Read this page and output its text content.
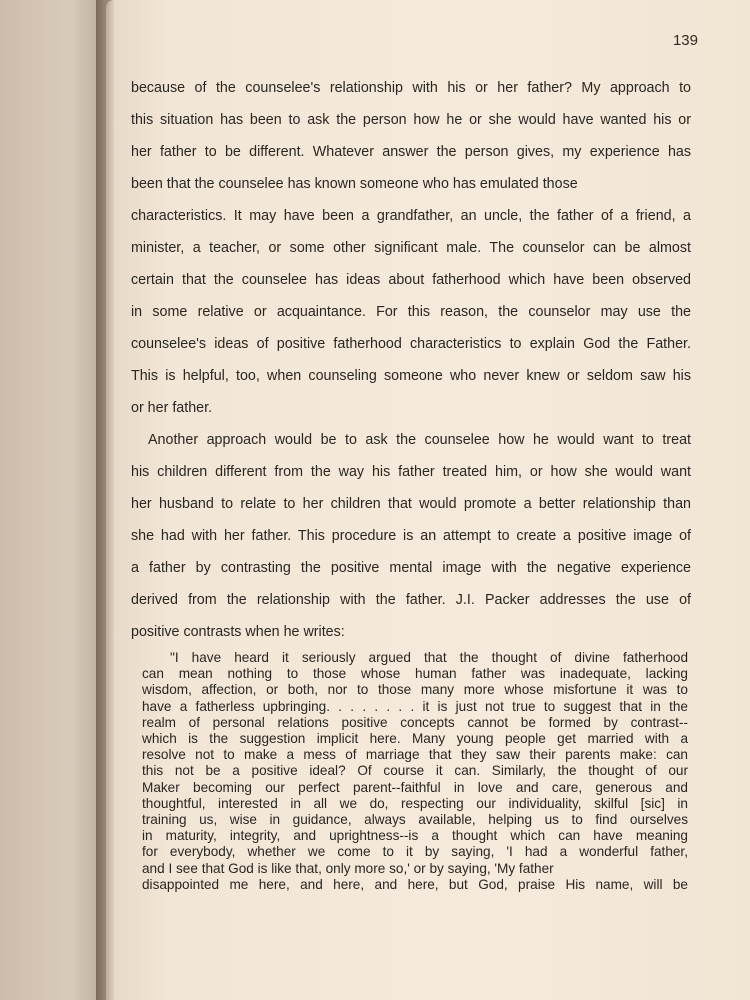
139
because of the counselee's relationship with his or her father? My approach to
this situation has been to ask the person how he or she would have wanted his or
her father to be different. Whatever answer the person gives, my experience has
been that the counselee has known someone who has emulated those
characteristics. It may have been a grandfather, an uncle, the father of a friend, a
minister, a teacher, or some other significant male. The counselor can be almost
certain that the counselee has ideas about fatherhood which have been observed
in some relative or acquaintance. For this reason, the counselor may use the
counselee's ideas of positive fatherhood characteristics to explain God the Father.
This is helpful, too, when counseling someone who never knew or seldom saw his
or her father.
Another approach would be to ask the counselee how he would want to treat
his children different from the way his father treated him, or how she would want
her husband to relate to her children that would promote a better relationship than
she had with her father. This procedure is an attempt to create a positive image of
a father by contrasting the positive mental image with the negative experience
derived from the relationship with the father. J.I. Packer addresses the use of
positive contrasts when he writes:
"I have heard it seriously argued that the thought of divine fatherhood
can mean nothing to those whose human father was inadequate, lacking
wisdom, affection, or both, nor to those many more whose misfortune it was to
have a fatherless upbringing. . . . . . . . it is just not true to suggest that in the
realm of personal relations positive concepts cannot be formed by contrast--
which is the suggestion implicit here. Many young people get married with a
resolve not to make a mess of marriage that they saw their parents make: can
this not be a positive ideal? Of course it can. Similarly, the thought of our
Maker becoming our perfect parent--faithful in love and care, generous and
thoughtful, interested in all we do, respecting our individuality, skilful [sic] in
training us, wise in guidance, always available, helping us to find ourselves
in maturity, integrity, and uprightness--is a thought which can have meaning
for everybody, whether we come to it by saying, 'I had a wonderful father,
and I see that God is like that, only more so,' or by saying, 'My father
disappointed me here, and here, and here, but God, praise His name, will be
